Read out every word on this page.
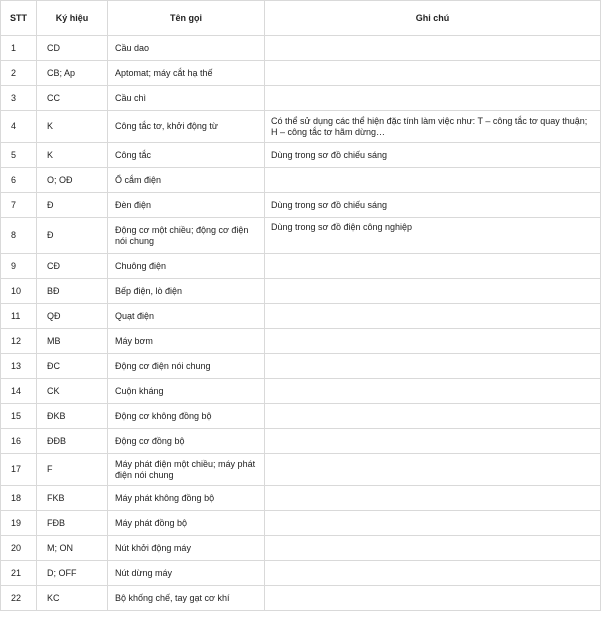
STT	Ký hiệu	Tên gọi	Ghi chú
1	CD	Cầu dao	
2	CB; Ap	Aptomat; máy cắt hạ thế	
3	CC	Cầu chì	
4	K	Công tắc tơ, khởi động từ	Có thể sử dụng các thể hiện đặc tính làm việc như: T – công tắc tơ quay thuận; H – công tắc tơ hãm dừng…
5	K	Công tắc	Dùng trong sơ đồ chiếu sáng
6	O; OĐ	Ổ cắm điện	
7	Đ	Đèn điện	Dùng trong sơ đồ chiếu sáng
8	Đ	Động cơ một chiều; động cơ điện nói chung	Dùng trong sơ đồ điện công nghiệp
9	CĐ	Chuông điện	
10	BĐ	Bếp điện, lò điện	
11	QĐ	Quạt điện	
12	MB	Máy bơm	
13	ĐC	Động cơ điện nói chung	
14	CK	Cuộn kháng	
15	ĐKB	Động cơ không đồng bộ	
16	ĐĐB	Động cơ đồng bộ	
17	F	Máy phát điện một chiều; máy phát điện nói chung	
18	FKB	Máy phát không đồng bộ	
19	FĐB	Máy phát đồng bộ	
20	M; ON	Nút khởi động máy	
21	D; OFF	Nút dừng máy	
22	KC	Bộ khống chế, tay gạt cơ khí	
